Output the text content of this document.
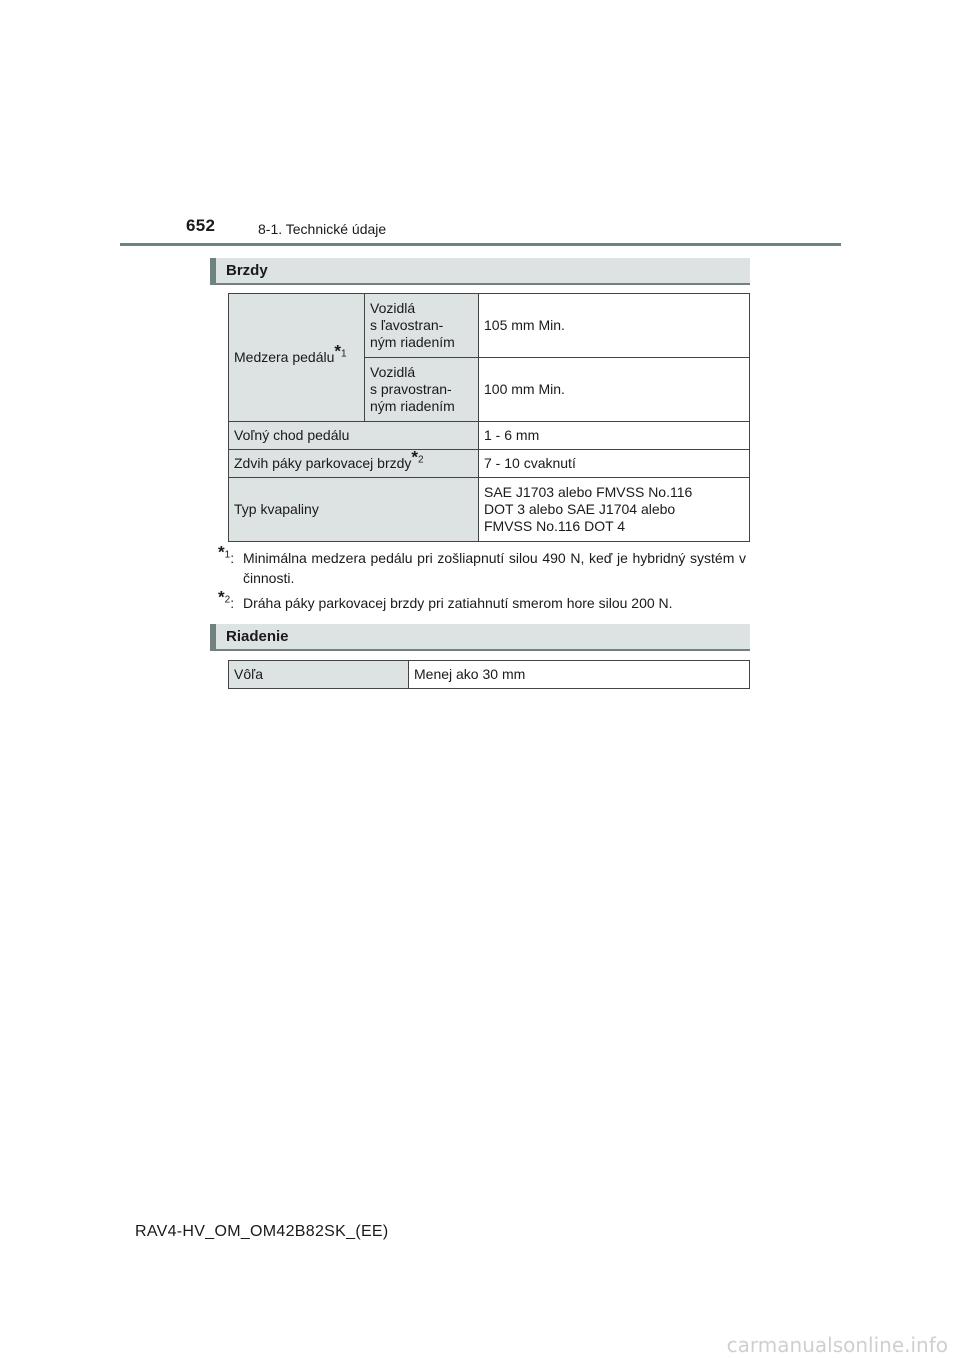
652	8-1. Technické údaje
Brzdy
Medzera pedálu*$^1$	Vozidlá
s ľavostran-
ným riadením	105 mm Min.
	Vozidlá
s pravostran-
ným riadením	100 mm Min.
Voľný chod pedálu		1 - 6 mm
Zdvih páky parkovacej brzdy*$^2$		7 - 10 cvaknutí
Typ kvapaliny		SAE J1703 alebo FMVSS No.116
DOT 3 alebo SAE J1704 alebo
FMVSS No.116 DOT 4
*$^1$: Minimálna medzera pedálu pri zošliapnutí silou 490 N, keď je hybridný systém v činnosti.
*$^2$: Dráha páky parkovacej brzdy pri zatiahnutí smerom hore silou 200 N.
Riadenie
Vôľa	Menej ako 30 mm
RAV4-HV_OM_OM42B82SK_(EE)
carmanualsonline.info
